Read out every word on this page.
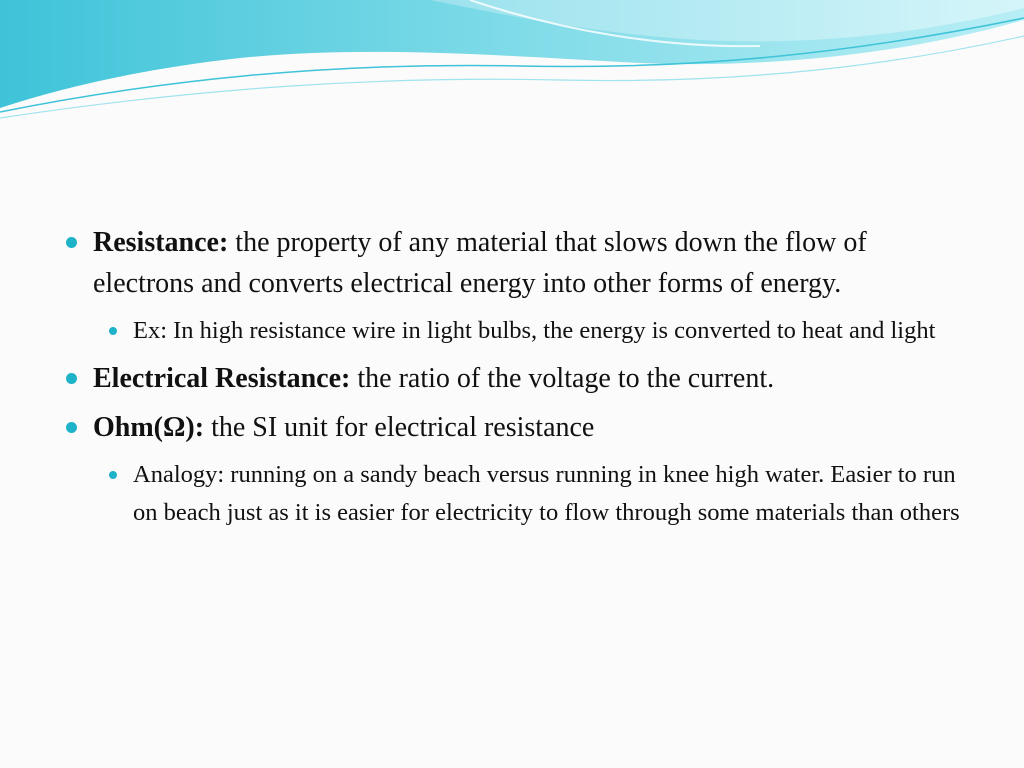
Resistance: the property of any material that slows down the flow of electrons and converts electrical energy into other forms of energy.
Ex: In high resistance wire in light bulbs, the energy is converted to heat and light
Electrical Resistance: the ratio of the voltage to the current.
Ohm(Ω): the SI unit for electrical resistance
Analogy: running on a sandy beach versus running in knee high water. Easier to run on beach just as it is easier for electricity to flow through some materials than others
